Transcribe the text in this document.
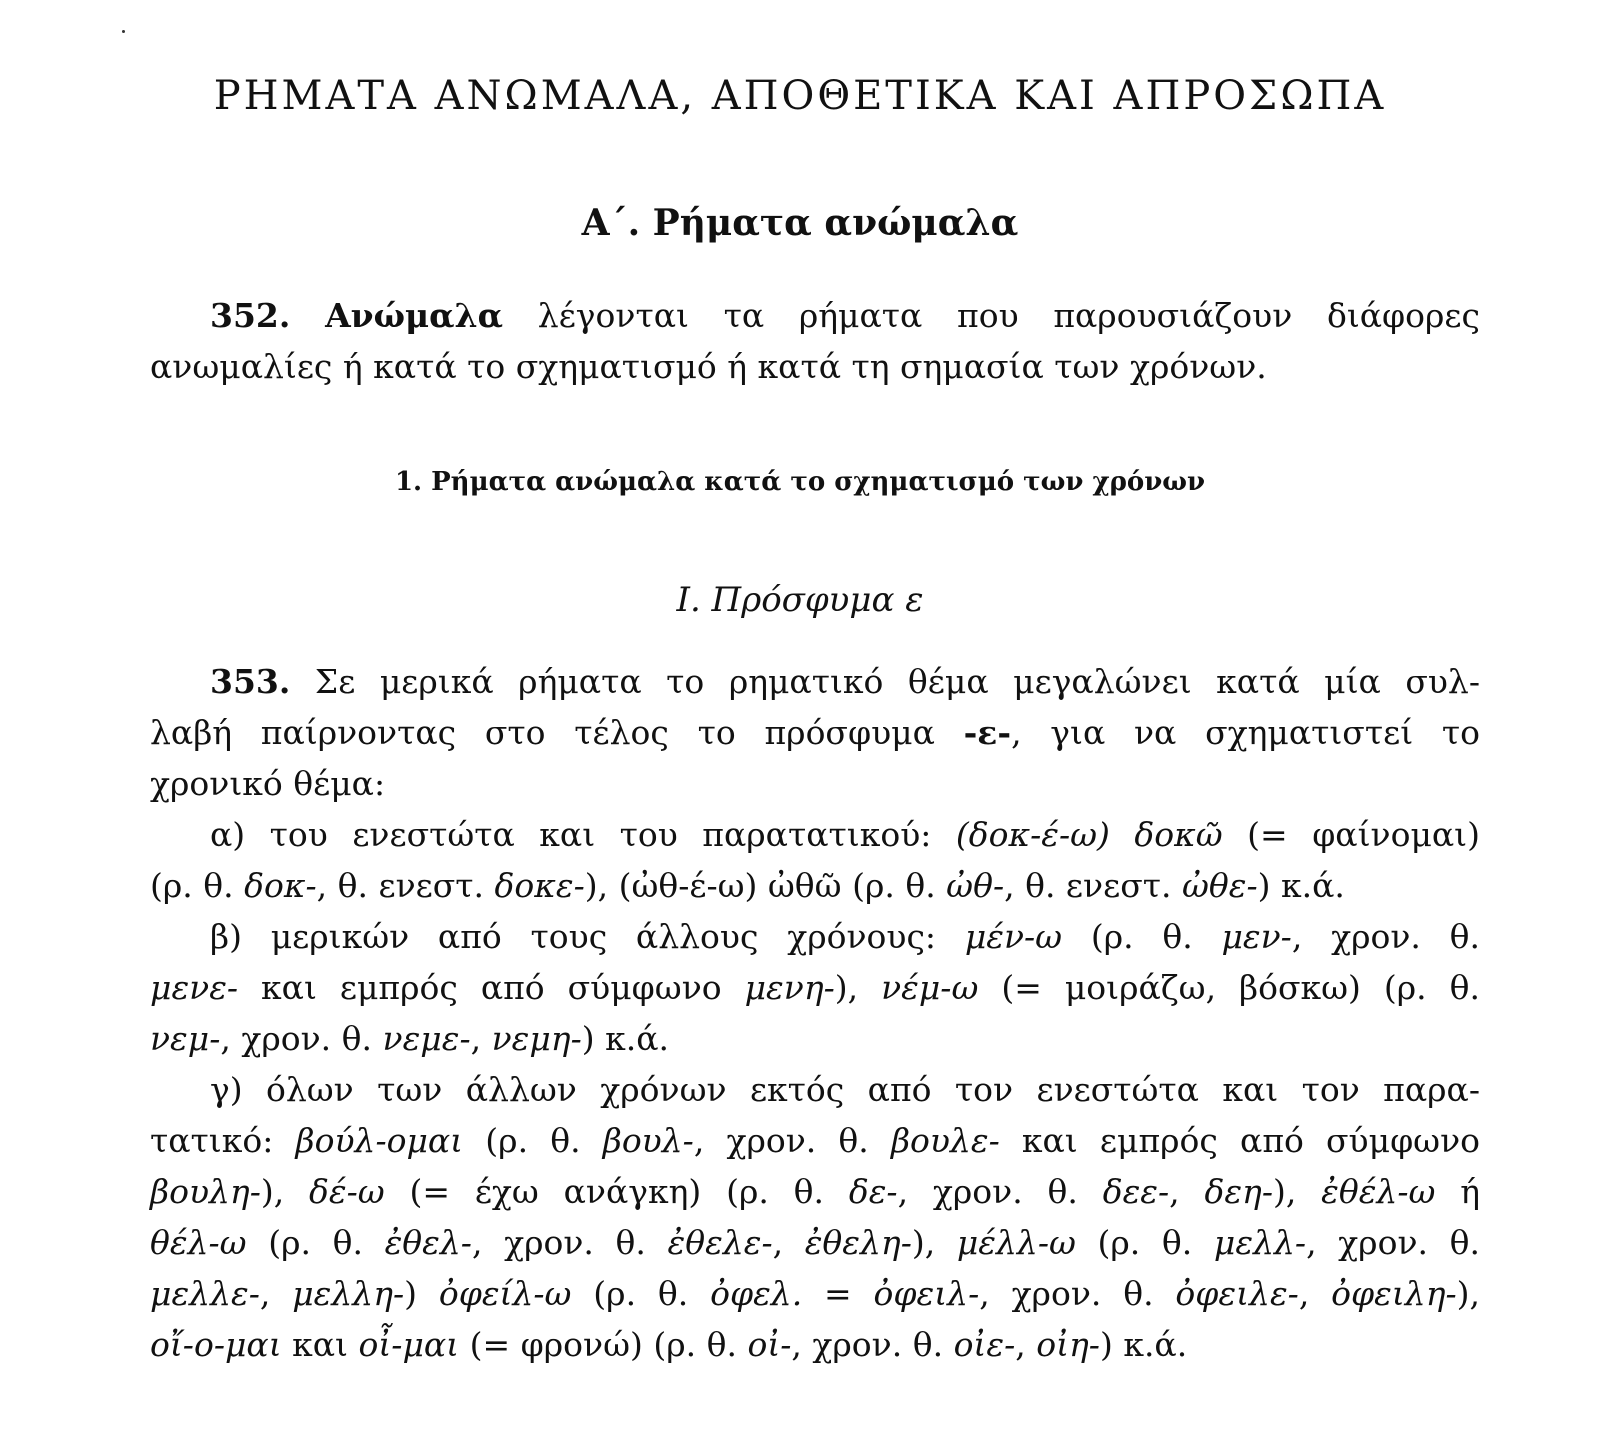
ΡΗΜΑΤΑ ΑΝΩΜΑΛΑ, ΑΠΟΘΕΤΙΚΑ ΚΑΙ ΑΠΡΟΣΩΠΑ
Α΄. Ρήματα ανώμαλα
352. Ανώμαλα λέγονται τα ρήματα που παρουσιάζουν διάφορες
ανωμαλίες ή κατά το σχηματισμό ή κατά τη σημασία των χρόνων.
1. Ρήματα ανώμαλα κατά το σχηματισμό των χρόνων
Ι. Πρόσφυμα ε
353. Σε μερικά ρήματα το ρηματικό θέμα μεγαλώνει κατά μία συλ-
λαβή παίρνοντας στο τέλος το πρόσφυμα -ε-, για να σχηματιστεί το
χρονικό θέμα:
α) του ενεστώτα και του παρατατικού: (δοκ-έ-ω) δοκῶ (= φαίνομαι)
(ρ. θ. δοκ-, θ. ενεστ. δοκε-), (ὠθ-έ-ω) ὠθῶ (ρ. θ. ὠθ-, θ. ενεστ. ὠθε-) κ.ά.
β) μερικών από τους άλλους χρόνους: μέν-ω (ρ. θ. μεν-, χρον. θ.
μενε- και εμπρός από σύμφωνο μενη-), νέμ-ω (= μοιράζω, βόσκω) (ρ. θ.
νεμ-, χρον. θ. νεμε-, νεμη-) κ.ά.
γ) όλων των άλλων χρόνων εκτός από τον ενεστώτα και τον παρα-
τατικό: βούλ-ομαι (ρ. θ. βουλ-, χρον. θ. βουλε- και εμπρός από σύμφωνο
βουλη-), δέ-ω (= έχω ανάγκη) (ρ. θ. δε-, χρον. θ. δεε-, δεη-), ἐθέλ-ω ή
θέλ-ω (ρ. θ. ἐθελ-, χρον. θ. ἐθελε-, ἐθελη-), μέλλ-ω (ρ. θ. μελλ-, χρον. θ.
μελλε-, μελλη-) ὀφείλ-ω (ρ. θ. ὀφελ. = ὀφειλ-, χρον. θ. ὀφειλε-, ὀφειλη-),
οἴ-ο-μαι και οἶ-μαι (= φρονώ) (ρ. θ. οἰ-, χρον. θ. οἰε-, οἰη-) κ.ά.
